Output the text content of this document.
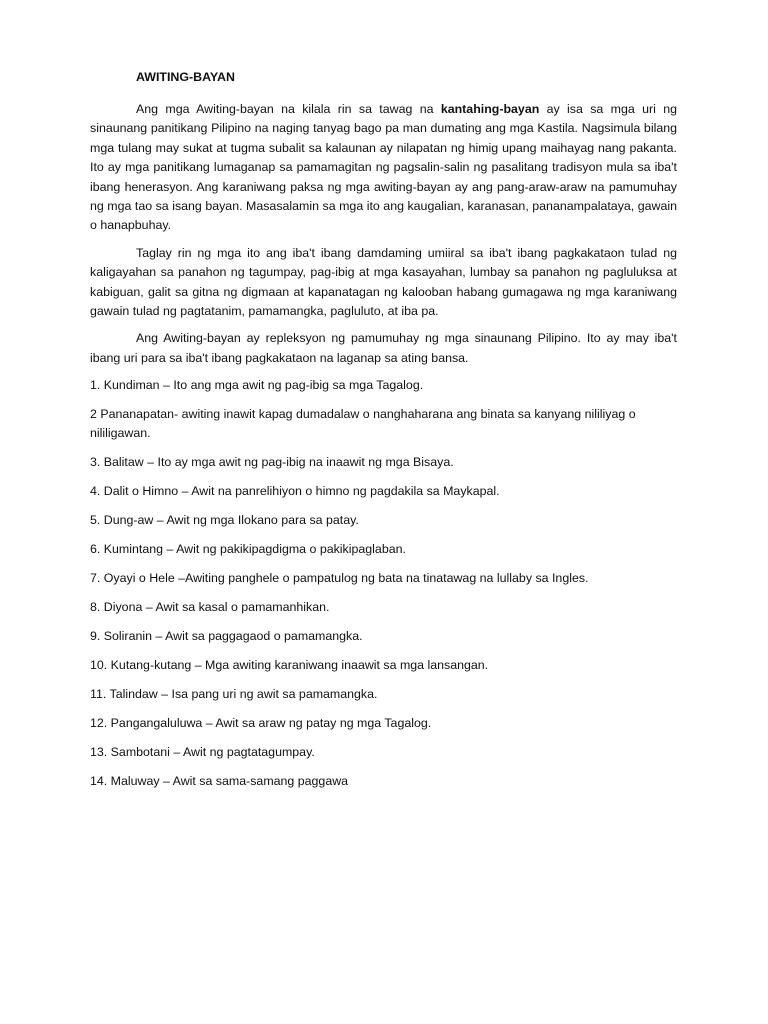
AWITING-BAYAN

Ang mga Awiting-bayan na kilala rin sa tawag na kantahing-bayan ay isa sa mga uri ng sinaunang panitikang Pilipino na naging tanyag bago pa man dumating ang mga Kastila. Nagsimula bilang mga tulang may sukat at tugma subalit sa kalaunan ay nilapatan ng himig upang maihayag nang pakanta. Ito ay mga panitikang lumaganap sa pamamagitan ng pagsalin-salin ng pasalitang tradisyon mula sa iba't ibang henerasyon. Ang karaniwang paksa ng mga awiting-bayan ay ang pang-araw-araw na pamumuhay ng mga tao sa isang bayan. Masasalamin sa mga ito ang kaugalian, karanasan, pananampalataya, gawain o hanapbuhay.

Taglay rin ng mga ito ang iba't ibang damdaming umiiral sa iba't ibang pagkakataon tulad ng kaligayahan sa panahon ng tagumpay, pag-ibig at mga kasayahan, lumbay sa panahon ng pagluluksa at kabiguan, galit sa gitna ng digmaan at kapanatagan ng kalooban habang gumagawa ng mga karaniwang gawain tulad ng pagtatanim, pamamangka, pagluluto, at iba pa.

Ang Awiting-bayan ay repleksyon ng pamumuhay ng mga sinaunang Pilipino. Ito ay may iba't ibang uri para sa iba't ibang pagkakataon na laganap sa ating bansa.

1. Kundiman – Ito ang mga awit ng pag-ibig sa mga Tagalog.
2 Pananapatan- awiting inawit kapag dumadalaw o nanghaharana ang binata sa kanyang nililiyag o nililigawan.
3. Balitaw – Ito ay mga awit ng pag-ibig na inaawit ng mga Bisaya.
4. Dalit o Himno – Awit na panrelihiyon o himno ng pagdakila sa Maykapal.
5. Dung-aw – Awit ng mga Ilokano para sa patay.
6. Kumintang – Awit ng pakikipagdigma o pakikipaglaban.
7. Oyayi o Hele –Awiting panghele o pampatulog ng bata na tinatawag na lullaby sa Ingles.
8. Diyona – Awit sa kasal o pamamanhikan.
9. Soliranin – Awit sa paggagaod o pamamangka.
10. Kutang-kutang – Mga awiting karaniwang inaawit sa mga lansangan.
11. Talindaw – Isa pang uri ng awit sa pamamangka.
12. Pangangaluluwa – Awit sa araw ng patay ng mga Tagalog.
13. Sambotani – Awit ng pagtatagumpay.
14. Maluway – Awit sa sama-samang paggawa
